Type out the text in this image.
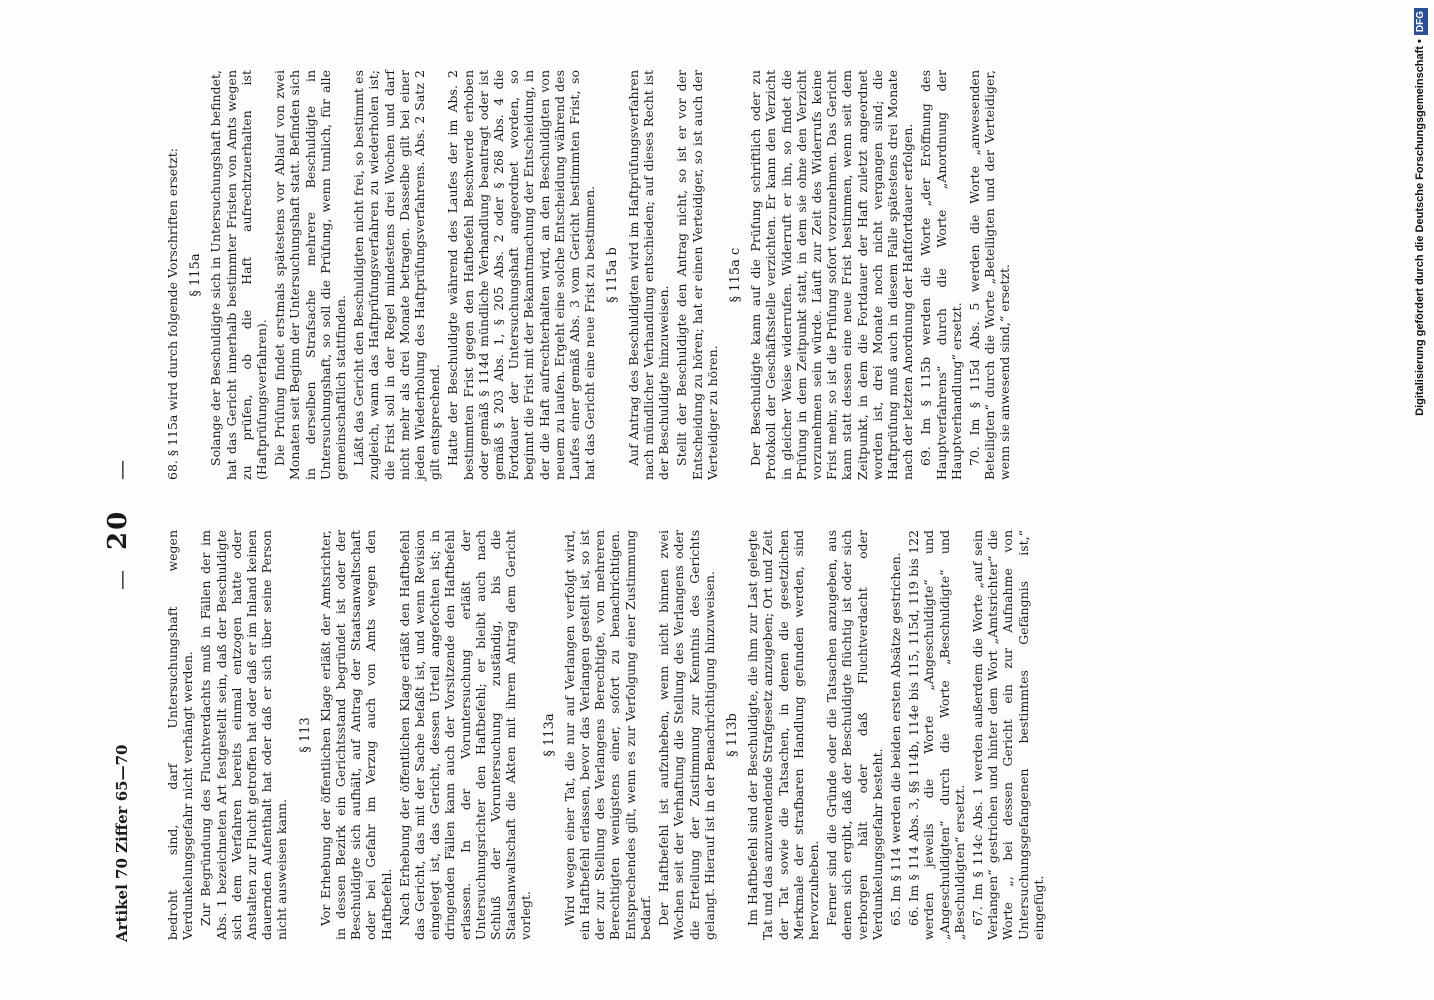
Artikel 70 Ziffer 65—70
—
20
—

bedroht sind, darf Untersuchungshaft wegen Verdunkelungsgefahr nicht verhängt werden. Zur Begründung des Fluchtverdachts muß in Fällen der im Abs. 1 bezeichneten Art festgestellt sein, daß der Beschuldigte sich dem Verfahren bereits einmal entzogen hatte oder Anstalten zur Flucht getroffen hat oder daß er im Inland keinen dauernden Aufenthalt hat oder daß er sich über seine Person nicht ausweisen kann.

§ 113 Vor Erhebung der öffentlichen Klage erläßt der Amtsrichter, in dessen Bezirk ein Gerichtsstand begründet ist oder der Beschuldigte sich aufhält, auf Antrag der Staatsanwaltschaft oder bei Gefahr im Verzug auch von Amts wegen den Haftbefehl. Nach Erhebung der öffentlichen Klage erläßt den Haftbefehl das Gericht, das mit der Sache befaßt ist, und wenn Revision eingelegt ist, das Gericht, dessen Urteil angefochten ist; in dringenden Fällen kann auch der Vorsitzende den Haftbefehl erlassen. In der Voruntersuchung erläßt der Untersuchungsrichter den Haftbefehl; er bleibt auch nach Schluß der Voruntersuchung zuständig, bis die Staatsanwaltschaft die Akten mit ihrem Antrag dem Gericht vorlegt.

§ 113a Wird wegen einer Tat, die nur auf Verlangen verfolgt wird, ein Haftbefehl erlassen, bevor das Verlangen gestellt ist, so ist der zur Stellung des Verlangens Berechtigte, von mehreren Berechtigten wenigstens einer, sofort zu benachrichtigen. Entsprechendes gilt, wenn es zur Verfolgung einer Zustimmung bedarf. Der Haftbefehl ist aufzuheben, wenn nicht binnen zwei Wochen seit der Verhaftung die Stellung des Verlangens oder die Erteilung der Zustimmung zur Kenntnis des Gerichts gelangt. Hierauf ist in der Benachrichtigung hinzuweisen. § 113b Im Haftbefehl sind der Beschuldigte, die ihm zur Last gelegte Tat und das anzuwendende Strafgesetz anzugeben; Ort und Zeit der Tat sowie die Tatsachen, in denen die gesetzlichen Merkmale der strafbaren Handlung gefunden werden, sind hervorzuheben. Ferner sind die Gründe oder die Tatsachen anzugeben, aus denen sich ergibt, daß der Beschuldigte flüchtig ist oder sich verborgen hält oder daß Fluchtverdacht oder Verdunkelungsgefahr besteht. 65. Im § 114 werden die beiden ersten Absätze gestrichen. 66. Im § 114 Abs. 3, §§ 114b, 114e bis 115, 115d, 119 bis 122 werden jeweils die Worte „Angeschuldigte“ und „Angeschuldigten“ durch die Worte „Beschuldigte“ und „Beschuldigten“ ersetzt. 67. Im § 114c Abs. 1 werden außerdem die Worte „auf sein Verlangen“ gestrichen und hinter dem Wort „Amtsrichter“ die Worte „, bei dessen Gericht ein zur Aufnahme von Untersuchungsgefangenen bestimmtes Gefängnis ist,“ eingefügt.

68. § 115a wird durch folgende Vorschriften ersetzt: § 115a Solange der Beschuldigte sich in Untersuchungshaft befindet, hat das Gericht innerhalb bestimmter Fristen von Amts wegen zu prüfen, ob die Haft aufrechtzuerhalten ist (Haftprüfungsverfahren). Die Prüfung findet erstmals spätestens vor Ablauf von zwei Monaten seit Beginn der Untersuchungshaft statt. Befinden sich in derselben Strafsache mehrere Beschuldigte in Untersuchungshaft, so soll die Prüfung, wenn tunlich, für alle gemeinschaftlich stattfinden. Läßt das Gericht den Beschuldigten nicht frei, so bestimmt es zugleich, wann das Haftprüfungsverfahren zu wiederholen ist; die Frist soll in der Regel mindestens drei Wochen und darf nicht mehr als drei Monate betragen. Dasselbe gilt bei einer jeden Wiederholung des Haftprüfungsverfahrens. Abs. 2 Satz 2 gilt entsprechend. Hatte der Beschuldigte während des Laufes der im Abs. 2 bestimmten Frist gegen den Haftbefehl Beschwerde erhoben oder gemäß § 114d mündliche Verhandlung beantragt oder ist gemäß § 203 Abs. 1, § 205 Abs. 2 oder § 268 Abs. 4 die Fortdauer der Untersuchungshaft angeordnet worden, so beginnt die Frist mit der Bekanntmachung der Entscheidung, in der die Haft aufrechterhalten wird, an den Beschuldigten von neuem zu laufen. Ergeht eine solche Entscheidung während des Laufes einer gemäß Abs. 3 vom Gericht bestimmten Frist, so hat das Gericht eine neue Frist zu bestimmen. § 115a b Auf Antrag des Beschuldigten wird im Haftprüfungsverfahren nach mündlicher Verhandlung entschieden; auf dieses Recht ist der Beschuldigte hinzuweisen. Stellt der Beschuldigte den Antrag nicht, so ist er vor der Entscheidung zu hören; hat er einen Verteidiger, so ist auch der Verteidiger zu hören.

§ 115a c Der Beschuldigte kann auf die Prüfung schriftlich oder zu Protokoll der Geschäftsstelle verzichten. Er kann den Verzicht in gleicher Weise widerrufen. Widerruft er ihn, so findet die Prüfung in dem Zeitpunkt statt, in dem sie ohne den Verzicht vorzunehmen sein würde. Läuft zur Zeit des Widerrufs keine Frist mehr, so ist die Prüfung sofort vorzunehmen. Das Gericht kann statt dessen eine neue Frist bestimmen, wenn seit dem Zeitpunkt, in dem die Fortdauer der Haft zuletzt angeordnet worden ist, drei Monate noch nicht vergangen sind; die Haftprüfung muß auch in diesem Falle spätestens drei Monate nach der letzten Anordnung der Haftfortdauer erfolgen. 69. Im § 115b werden die Worte „der Eröffnung des Hauptverfahrens“ durch die Worte „Anordnung der Hauptverhandlung“ ersetzt. 70. Im § 115d Abs. 5 werden die Worte „anwesenden Beteiligten“ durch die Worte „Beteiligten und der Verteidiger, wenn sie anwesend sind,“ ersetzt.	Digitalisierung gefördert durch die Deutsche Forschungsgemeinschaft •DFG
